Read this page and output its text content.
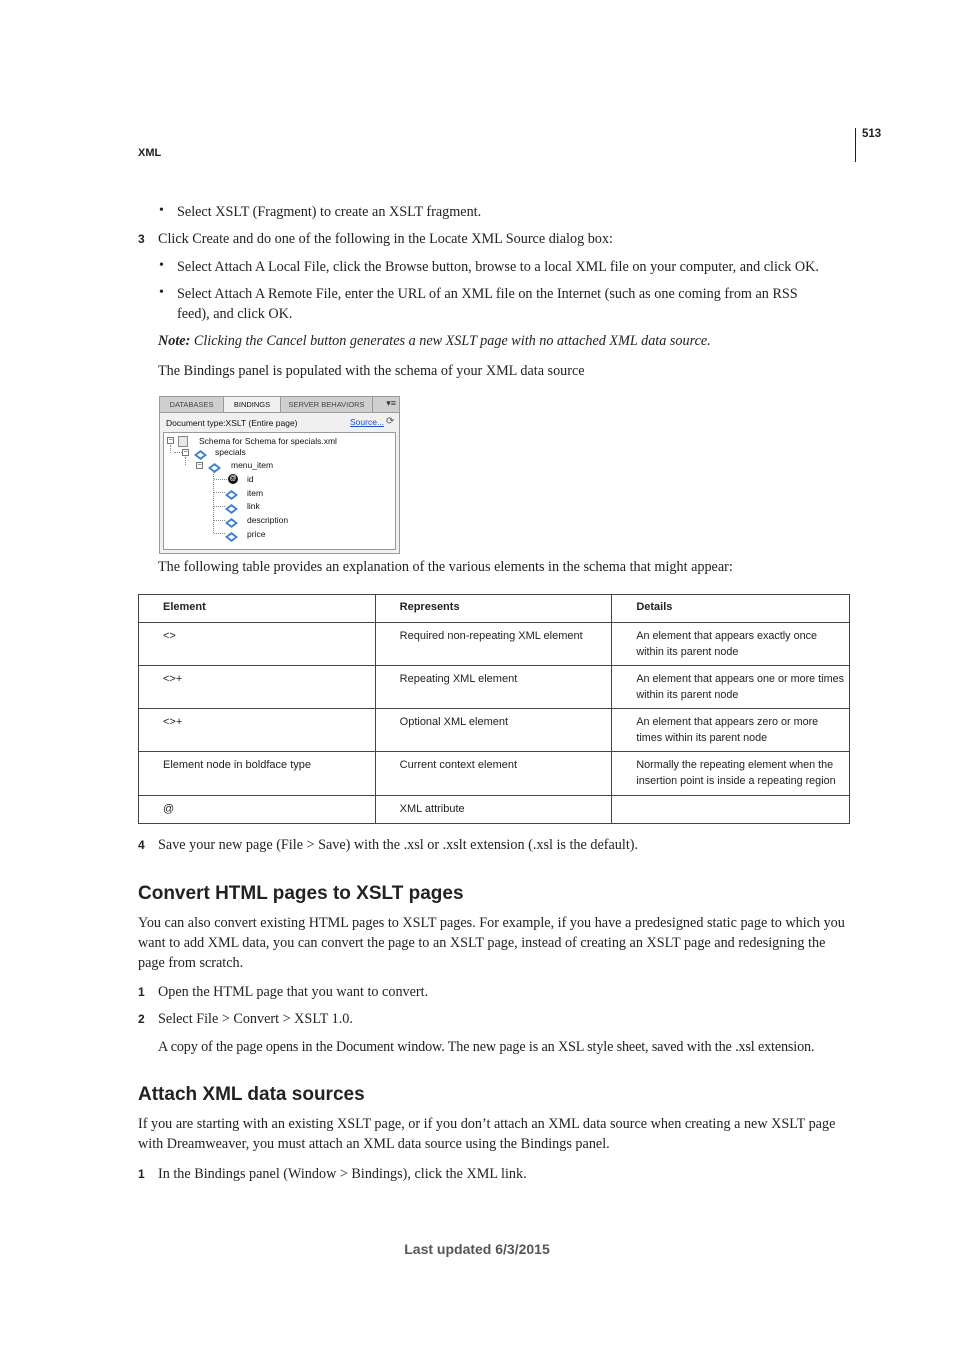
513
XML
• Select XSLT (Fragment) to create an XSLT fragment.
3 Click Create and do one of the following in the Locate XML Source dialog box:
• Select Attach A Local File, click the Browse button, browse to a local XML file on your computer, and click OK.
• Select Attach A Remote File, enter the URL of an XML file on the Internet (such as one coming from an RSS
feed), and click OK.
Note: Clicking the Cancel button generates a new XSLT page with no attached XML data source.
The Bindings panel is populated with the schema of your XML data source
DATABASES	BINDINGS	SERVER BEHAVIORS	▾≡
Document type:XSLT (Entire page)	Source... ⟳
−	Schema for Schema for specials.xml
−	specials
−	menu_item
@ id
item
link
description
price
The following table provides an explanation of the various elements in the schema that might appear:
Element	Represents	Details
<>	Required non-repeating XML element	An element that appears exactly once within its parent node
<>+	Repeating XML element	An element that appears one or more times within its parent node
<>+	Optional XML element	An element that appears zero or more times within its parent node
Element node in boldface type	Current context element	Normally the repeating element when the insertion point is inside a repeating region
@	XML attribute	
4 Save your new page (File > Save) with the .xsl or .xslt extension (.xsl is the default).
Convert HTML pages to XSLT pages
You can also convert existing HTML pages to XSLT pages. For example, if you have a predesigned static page to which you want to add XML data, you can convert the page to an XSLT page, instead of creating an XSLT page and redesigning the page from scratch.
1 Open the HTML page that you want to convert.
2 Select File > Convert > XSLT 1.0.
A copy of the page opens in the Document window. The new page is an XSL style sheet, saved with the .xsl extension.
Attach XML data sources
If you are starting with an existing XSLT page, or if you don’t attach an XML data source when creating a new XSLT page with Dreamweaver, you must attach an XML data source using the Bindings panel.
1 In the Bindings panel (Window > Bindings), click the XML link.
Last updated 6/3/2015
